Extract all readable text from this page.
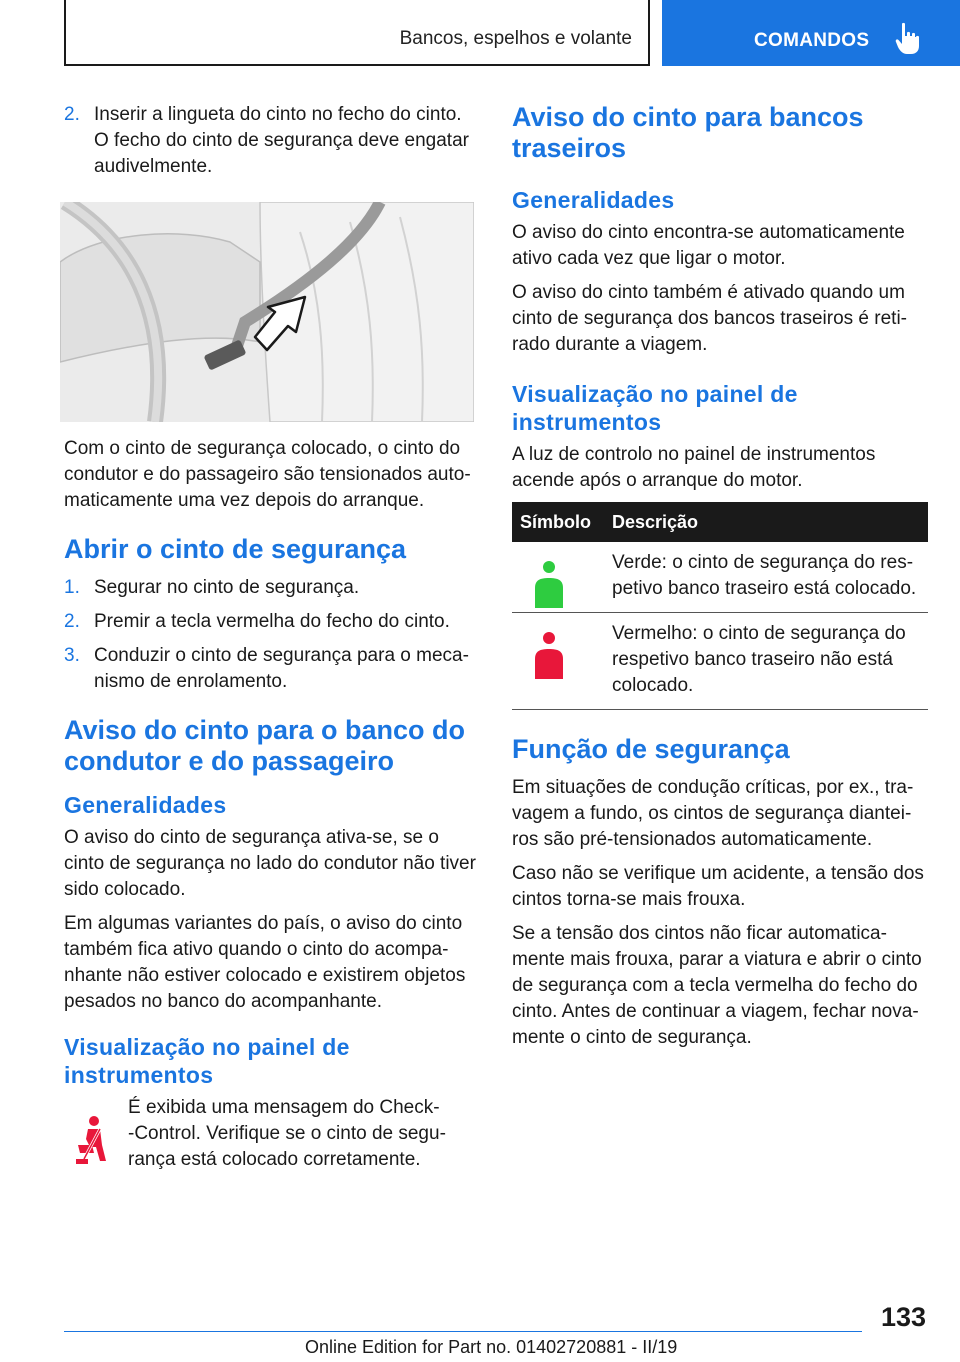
Bancos, espelhos e volante	COMANDOS
2. Inserir a lingueta do cinto no fecho do cinto. O fecho do cinto de segurança deve engatar audivelmente.

Com o cinto de segurança colocado, o cinto do condutor e do passageiro são tensionados automaticamente uma vez depois do arranque.

Abrir o cinto de segurança
1. Segurar no cinto de segurança.
2. Premir a tecla vermelha do fecho do cinto.
3. Conduzir o cinto de segurança para o mecanismo de enrolamento.
Aviso do cinto para o banco do condutor e do passageiro
Generalidades

O aviso do cinto de segurança ativa-se, se o cinto de segurança no lado do condutor não tiver sido colocado.

Em algumas variantes do país, o aviso do cinto também fica ativo quando o cinto do acompanhante não estiver colocado e existirem objetos pesados no banco do acompanhante.

Visualização no painel de instrumentos

É exibida uma mensagem do Check-‑Control. Verifique se o cinto de segurança está colocado corretamente.

Aviso do cinto para bancos traseiros
Generalidades

O aviso do cinto encontra-se automaticamente ativo cada vez que ligar o motor.

O aviso do cinto também é ativado quando um cinto de segurança dos bancos traseiros é retirado durante a viagem.

Visualização no painel de instrumentos

A luz de controlo no painel de instrumentos acende após o arranque do motor.

Símbolo	Descrição
Verde: o cinto de segurança do respetivo banco traseiro está colocado.
Vermelho: o cinto de segurança do respetivo banco traseiro não está colocado.
Função de segurança

Em situações de condução críticas, por ex., travagem a fundo, os cintos de segurança dianteiros são pré-tensionados automaticamente.

Caso não se verifique um acidente, a tensão dos cintos torna-se mais frouxa.

Se a tensão dos cintos não ficar automaticamente mais frouxa, parar a viatura e abrir o cinto de segurança com a tecla vermelha do fecho do cinto. Antes de continuar a viagem, fechar novamente o cinto de segurança.

133
Online Edition for Part no. 01402720881 - II/19
